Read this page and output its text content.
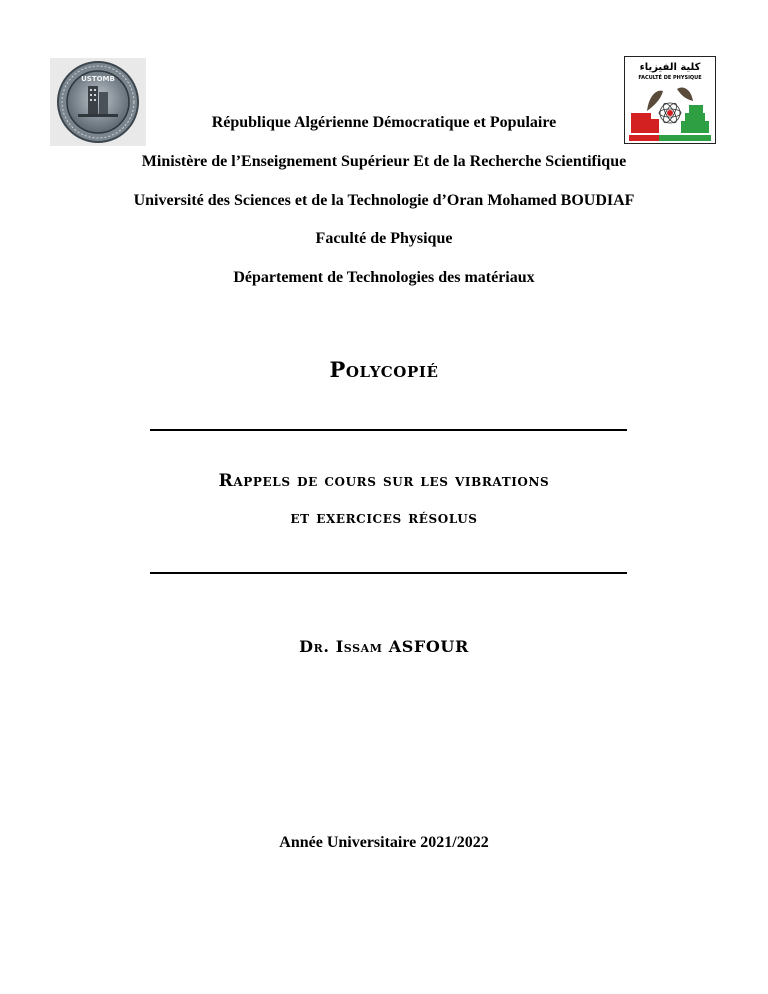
USTOMB
كلية الفيزياء
FACULTÉ DE PHYSIQUE
République Algérienne Démocratique et Populaire
Ministère de l’Enseignement Supérieur Et de la Recherche Scientifique
Université des Sciences et de la Technologie d’Oran Mohamed BOUDIAF
Faculté de Physique
Département de Technologies des matériaux
Polycopié
Rappels de cours sur les vibrations
et exercices résolus
Dr. Issam ASFOUR
Année Universitaire 2021/2022
